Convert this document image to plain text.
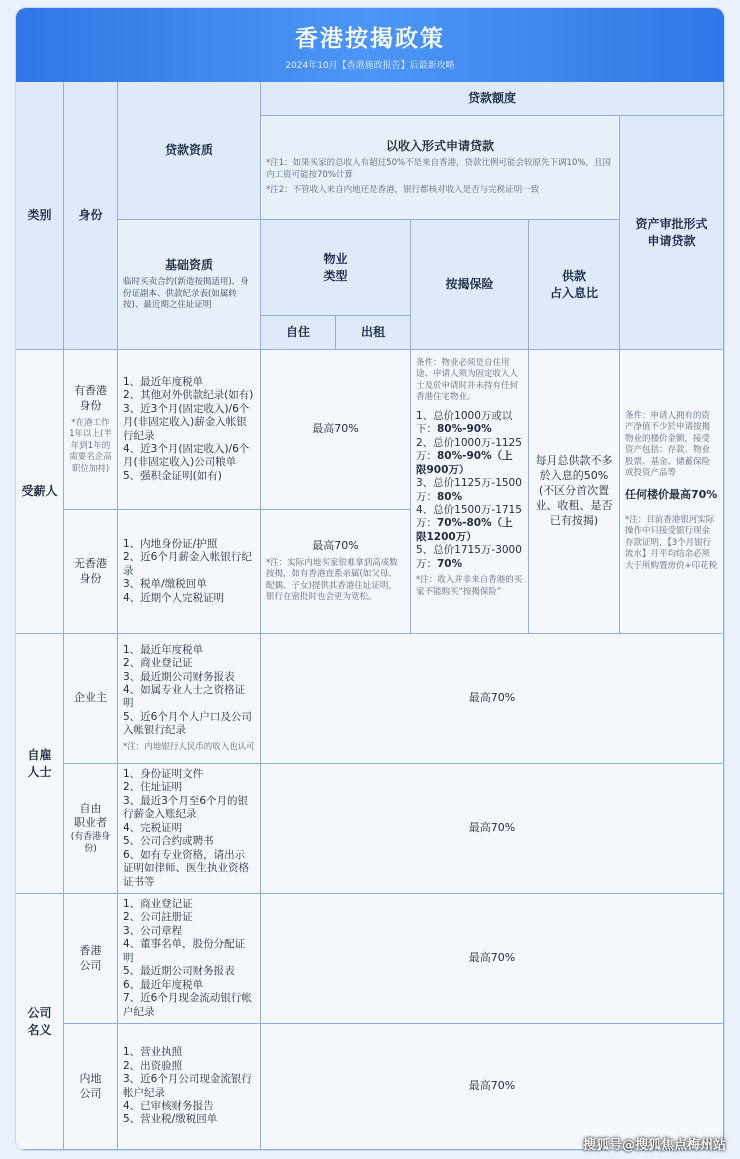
香港按揭政策
2024年10月【香港施政报告】后最新攻略
类别	身份
贷款资质
贷款额度
以收入形式申请贷款
*注1：如果买家的总收入有超过50%不是来自香港，贷款比例可能会较原先下调10%，且国内工资可能按70%计算
*注2：不管收入来自内地还是香港，银行都核对收入是否与完税证明一致
资产审批形式
申请贷款
基础资质
临时买卖合约(新造按揭适用)、身份证副本、供款纪录表(如属转按)、最近期之住址证明
物业
类型
自住	出租
按揭保险
供款
占入息比
受薪人
有香港
身份
*在港工作1年以上(半年到1年的需要名企高职位加持)
1、最近年度税单
2、其他对外供款纪录(如有)
3、近3个月(固定收入)/6个月(非固定收入)薪金入帐银行纪录
4、近3个月(固定收入)/6个月(非固定收入)公司粮单
5、强积金证明(如有)
最高70%
无香港
身份
1、内地身份证/护照
2、近6个月薪金入帐银行纪录
3、税单/缴税回单
4、近期个人完税证明
最高70%
*注：实际内地买家很难拿到高成数按揭，如有香港直系亲属(如父母、配偶、子女)提供其香港住址证明，银行在密批时也会更为宽松。
条件：物业必须是自住用途、申请人须为固定收入人士及於申请时并未持有任何香港住宅物业。
1、总价1000万或以下：80%-90%
2、总价1000万-1125万：80%-90%（上限900万）
3、总价1125万-1500万：80%
4、总价1500万-1715万：70%-80%（上限1200万）
5、总价1715万-3000万：70%
*注：收入并非来自香港的买家不能购买“按揭保险”
每月总供款不多於入息的50%(不区分首次置业、收租、是否已有按揭)
条件：申请人拥有的资产净值不少於申请按揭物业的楼价金额，接受资产包括：存款、物业股票、基金、储蓄保险或投资产品等
任何楼价最高70%
*注：目前香港银河实际操作中只接受银行现金存款证明，【3个月银行流水】月平均结余必须大于所购置房价+印花税
自雇
人士
企业主
1、最近年度税单
2、商业登记证
3、最近期公司财务报表
4、如属专业人士之资格证明
5、近6个月个人户口及公司入帐银行纪录
*注：内地银行人民币的收入也认可
最高70%
自由
职业者
(有香港身份)
1、身份证明文件
2、住址证明
3、最近3个月至6个月的银行薪金入账纪录
4、完税证明
5、公司合约或聘书
6、如有专业资格，请出示证明如律师、医生执业资格证书等
最高70%
公司
名义
香港
公司
1、商业登记证
2、公司註册证
3、公司章程
4、董事名单，股份分配证明
5、最近期公司财务报表
6、最近年度税单
7、近6个月现金流动银行帐户纪录
最高70%
内地
公司
1、营业执照
2、出资验照
3、近6个月公司现金流银行帐户纪录
4、已审核财务报告
5、营业税/缴税回单
最高70%
搜狐号@搜狐焦点梅州站
